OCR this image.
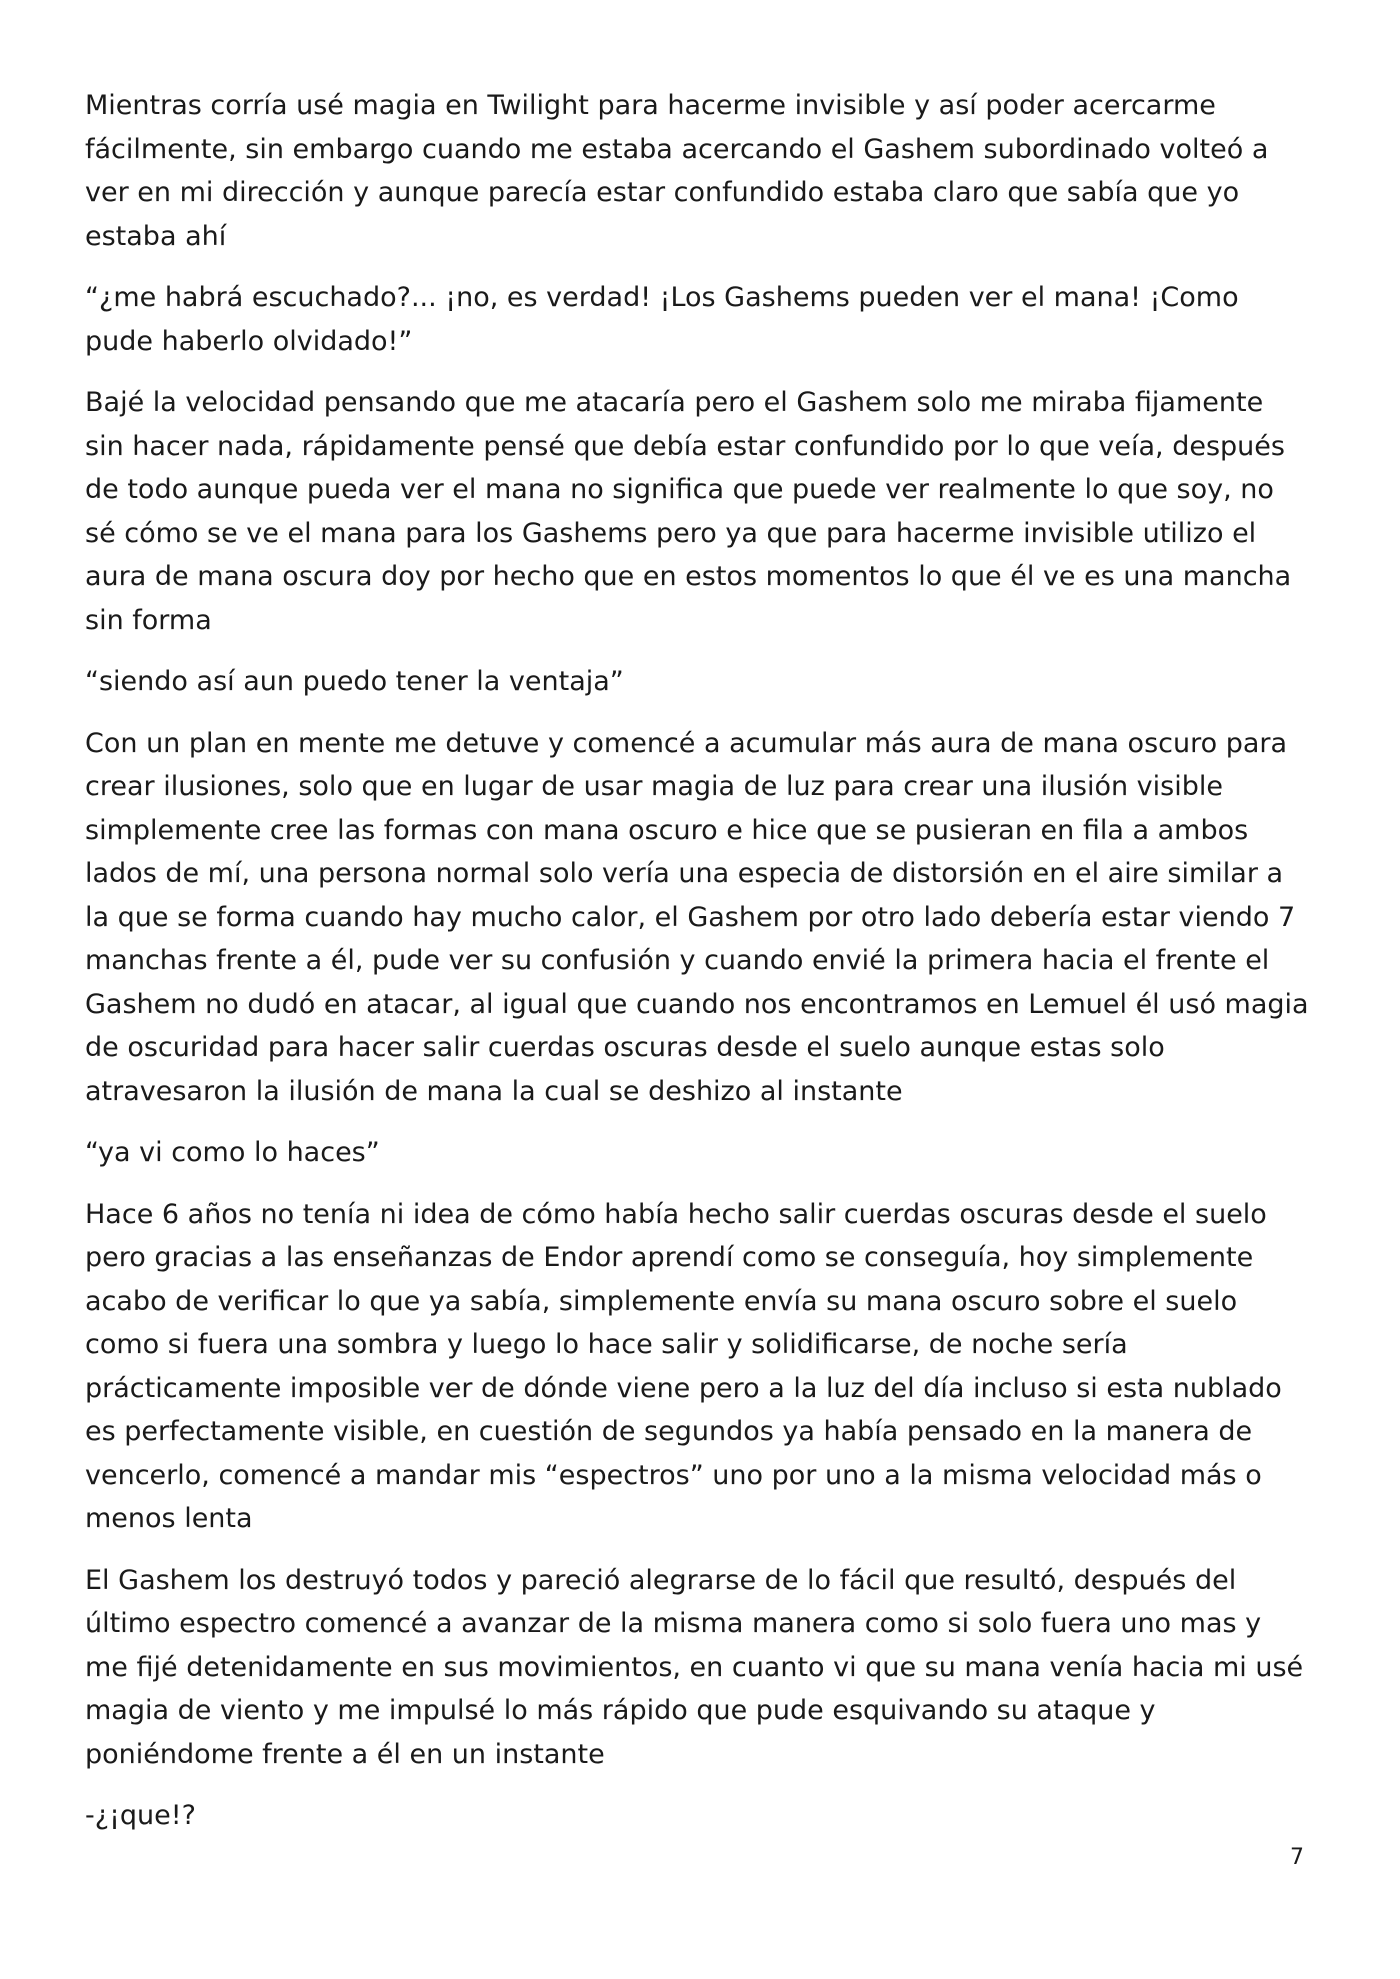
Mientras corría usé magia en Twilight para hacerme invisible y así poder acercarme fácilmente, sin embargo cuando me estaba acercando el Gashem subordinado volteó a ver en mi dirección y aunque parecía estar confundido estaba claro que sabía que yo estaba ahí

“¿me habrá escuchado?... ¡no, es verdad! ¡Los Gashems pueden ver el mana! ¡Como pude haberlo olvidado!”

Bajé la velocidad pensando que me atacaría pero el Gashem solo me miraba fijamente sin hacer nada, rápidamente pensé que debía estar confundido por lo que veía, después de todo aunque pueda ver el mana no significa que puede ver realmente lo que soy, no sé cómo se ve el mana para los Gashems pero ya que para hacerme invisible utilizo el aura de mana oscura doy por hecho que en estos momentos lo que él ve es una mancha sin forma

“siendo así aun puedo tener la ventaja”

Con un plan en mente me detuve y comencé a acumular más aura de mana oscuro para crear ilusiones, solo que en lugar de usar magia de luz para crear una ilusión visible simplemente cree las formas con mana oscuro e hice que se pusieran en fila a ambos lados de mí, una persona normal solo vería una especia de distorsión en el aire similar a la que se forma cuando hay mucho calor, el Gashem por otro lado debería estar viendo 7 manchas frente a él, pude ver su confusión y cuando envié la primera hacia el frente el Gashem no dudó en atacar, al igual que cuando nos encontramos en Lemuel él usó magia de oscuridad para hacer salir cuerdas oscuras desde el suelo aunque estas solo atravesaron la ilusión de mana la cual se deshizo al instante

“ya vi como lo haces”

Hace 6 años no tenía ni idea de cómo había hecho salir cuerdas oscuras desde el suelo pero gracias a las enseñanzas de Endor aprendí como se conseguía, hoy simplemente acabo de verificar lo que ya sabía, simplemente envía su mana oscuro sobre el suelo como si fuera una sombra y luego lo hace salir y solidificarse, de noche sería prácticamente imposible ver de dónde viene pero a la luz del día incluso si esta nublado es perfectamente visible, en cuestión de segundos ya había pensado en la manera de vencerlo, comencé a mandar mis “espectros” uno por uno a la misma velocidad más o menos lenta

El Gashem los destruyó todos y pareció alegrarse de lo fácil que resultó, después del último espectro comencé a avanzar de la misma manera como si solo fuera uno mas y me fijé detenidamente en sus movimientos, en cuanto vi que su mana venía hacia mi usé magia de viento y me impulsé lo más rápido que pude esquivando su ataque y poniéndome frente a él en un instante

-¿¡que!?

7
